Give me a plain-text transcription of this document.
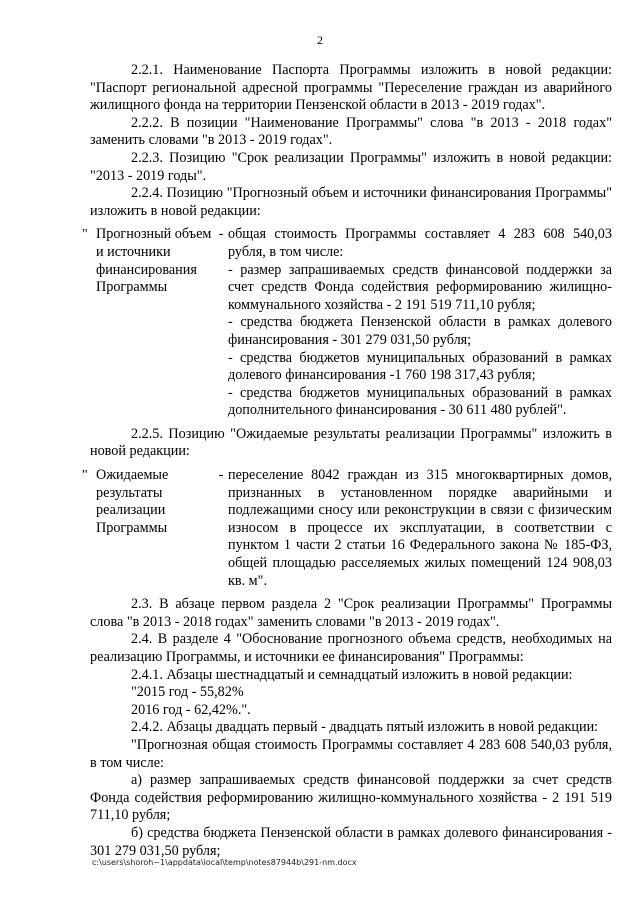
2

2.2.1. Наименование Паспорта Программы изложить в новой редакции: "Паспорт региональной адресной программы "Переселение граждан из аварийного жилищного фонда на территории Пензенской области в 2013 - 2019 годах".

2.2.2. В позиции "Наименование Программы" слова "в 2013 - 2018 годах" заменить словами "в 2013 - 2019 годах".

2.2.3. Позицию "Срок реализации Программы" изложить в новой редакции: "2013 - 2019 годы".

2.2.4. Позицию "Прогнозный объем и источники финансирования Программы" изложить в новой редакции:

" Прогнозный объем и источники финансирования Программы
- общая стоимость Программы составляет 4 283 608 540,03 рубля, в том числе:

- размер запрашиваемых средств финансовой поддержки за счет средств Фонда содействия реформированию жилищно-коммунального хозяйства - 2 191 519 711,10 рубля;

- средства бюджета Пензенской области в рамках долевого финансирования - 301 279 031,50 рубля;

- средства бюджетов муниципальных образований в рамках долевого финансирования -1 760 198 317,43 рубля;

- средства бюджетов муниципальных образований в рамках дополнительного финансирования - 30 611 480 рублей".

2.2.5. Позицию "Ожидаемые результаты реализации Программы" изложить в новой редакции:

" Ожидаемые результаты реализации Программы
- переселение 8042 граждан из 315 многоквартирных домов, признанных в установленном порядке аварийными и подлежащими сносу или реконструкции в связи с физическим износом в процессе их эксплуатации, в соответствии с пунктом 1 части 2 статьи 16 Федерального закона № 185-ФЗ, общей площадью расселяемых жилых помещений 124 908,03 кв. м".

2.3. В абзаце первом раздела 2 "Срок реализации Программы" Программы слова "в 2013 - 2018 годах" заменить словами "в 2013 - 2019 годах".

2.4. В разделе 4 "Обоснование прогнозного объема средств, необходимых на реализацию Программы, и источники ее финансирования" Программы:

2.4.1. Абзацы шестнадцатый и семнадцатый изложить в новой редакции:

"2015 год - 55,82%

2016 год - 62,42%.".

2.4.2. Абзацы двадцать первый - двадцать пятый изложить в новой редакции:

"Прогнозная общая стоимость Программы составляет 4 283 608 540,03 рубля, в том числе:

а) размер запрашиваемых средств финансовой поддержки за счет средств Фонда содействия реформированию жилищно-коммунального хозяйства - 2 191 519 711,10 рубля;

б) средства бюджета Пензенской области в рамках долевого финансирования - 301 279 031,50 рубля;

c:\users\shoroh~1\appdata\local\temp\notes87944b\291-nm.docx
